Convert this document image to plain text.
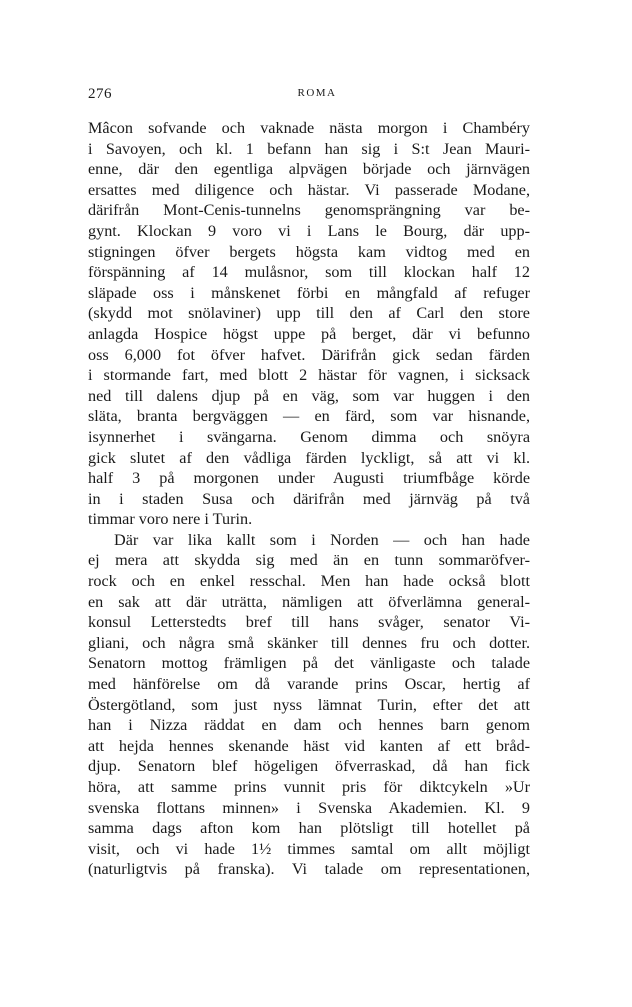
276	ROMA
Mâcon sofvande och vaknade nästa morgon i Chambéry
i Savoyen, och kl. 1 befann han sig i S:t Jean Mauri-
enne, där den egentliga alpvägen började och järnvägen
ersattes med diligence och hästar. Vi passerade Modane,
därifrån Mont-Cenis-tunnelns genomsprängning var be-
gynt. Klockan 9 voro vi i Lans le Bourg, där upp-
stigningen öfver bergets högsta kam vidtog med en
förspänning af 14 mulåsnor, som till klockan half 12
släpade oss i månskenet förbi en mångfald af refuger
(skydd mot snölaviner) upp till den af Carl den store
anlagda Hospice högst uppe på berget, där vi befunno
oss 6,000 fot öfver hafvet. Därifrån gick sedan färden
i stormande fart, med blott 2 hästar för vagnen, i sicksack
ned till dalens djup på en väg, som var huggen i den
släta, branta bergväggen — en färd, som var hisnande,
isynnerhet i svängarna. Genom dimma och snöyra
gick slutet af den vådliga färden lyckligt, så att vi kl.
half 3 på morgonen under Augusti triumfbåge körde
in i staden Susa och därifrån med järnväg på två
timmar voro nere i Turin.
Där var lika kallt som i Norden — och han hade
ej mera att skydda sig med än en tunn sommaröfver-
rock och en enkel resschal. Men han hade också blott
en sak att där uträtta, nämligen att öfverlämna general-
konsul Letterstedts bref till hans svåger, senator Vi-
gliani, och några små skänker till dennes fru och dotter.
Senatorn mottog främligen på det vänligaste och talade
med hänförelse om då varande prins Oscar, hertig af
Östergötland, som just nyss lämnat Turin, efter det att
han i Nizza räddat en dam och hennes barn genom
att hejda hennes skenande häst vid kanten af ett bråd-
djup. Senatorn blef högeligen öfverraskad, då han fick
höra, att samme prins vunnit pris för diktcykeln »Ur
svenska flottans minnen» i Svenska Akademien. Kl. 9
samma dags afton kom han plötsligt till hotellet på
visit, och vi hade 1½ timmes samtal om allt möjligt
(naturligtvis på franska). Vi talade om representationen,
